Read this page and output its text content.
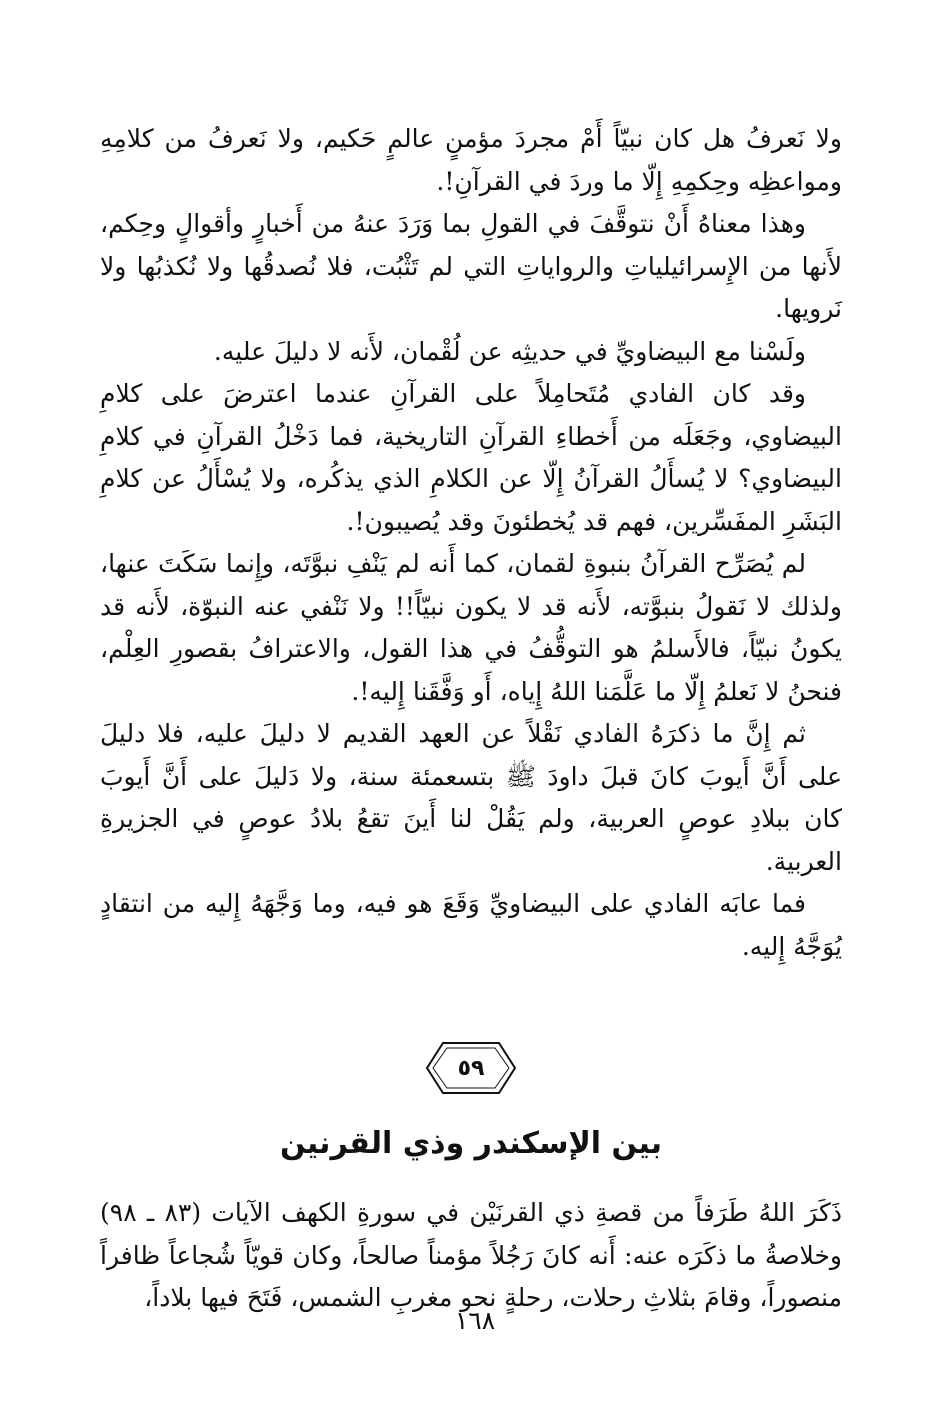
ولا نَعرفُ هل كان نبيّاً أَمْ مجردَ مؤمنٍ عالمٍ حَكيم، ولا نَعرفُ من كلامِهِ ومواعظِه وحِكمِهِ إِلّا ما وردَ في القرآنِ!.

وهذا معناهُ أَنْ نتوقَّفَ في القولِ بما وَرَدَ عنهُ من أَخبارٍ وأقوالٍ وحِكم، لأَنها من الإِسرائيلياتِ والرواياتِ التي لم تَثْبُت، فلا نُصدقُها ولا نُكذبُها ولا نَرويها.

ولَسْنا مع البيضاويِّ في حديثِه عن لُقْمان، لأَنه لا دليلَ عليه.

وقد كان الفادي مُتَحامِلاً على القرآنِ عندما اعترضَ على كلامِ البيضاوي، وجَعَلَه من أَخطاءِ القرآنِ التاريخية، فما دَخْلُ القرآنِ في كلامِ البيضاوي؟ لا يُسأَلُ القرآنُ إِلّا عن الكلامِ الذي يذكُره، ولا يُسْأَلُ عن كلامِ البَشَرِ المفَسِّرين، فهم قد يُخطئونَ وقد يُصيبون!.

لم يُصَرِّح القرآنُ بنبوةِ لقمان، كما أَنه لم يَنْفِ نبوَّتَه، وإِنما سَكَتَ عنها، ولذلك لا نَقولُ بنبوَّته، لأَنه قد لا يكون نبيّاً!! ولا نَنْفي عنه النبوّة، لأَنه قد يكونُ نبيّاً، فالأَسلمُ هو التوقُّفُ في هذا القول، والاعترافُ بقصورِ العِلْم، فنحنُ لا نَعلمُ إِلّا ما عَلَّمَنا اللهُ إِياه، أَو وَفَّقَنا إِليه!.

ثم إِنَّ ما ذكرَهُ الفادي نَقْلاً عن العهد القديم لا دليلَ عليه، فلا دليلَ على أَنَّ أَيوبَ كانَ قبلَ داودَ ﷺ بتسعمئة سنة، ولا دَليلَ على أَنَّ أَيوبَ كان ببلادِ عوصٍ العربية، ولم يَقُلْ لنا أَينَ تقعُ بلادُ عوصٍ في الجزيرةِ العربية.

فما عابَه الفادي على البيضاويِّ وَقَعَ هو فيه، وما وَجَّهَهُ إِليه من انتقادٍ يُوَجَّهُ إِليه.

٥٩
بين الإسكندر وذي القرنين

ذَكَرَ اللهُ طَرَفاً من قصةِ ذي القرنَيْن في سورةِ الكهف الآيات (٨٣ ـ ٩٨) وخلاصةُ ما ذكَرَه عنه: أَنه كانَ رَجُلاً مؤمناً صالحاً، وكان قويّاً شُجاعاً ظافراً منصوراً، وقامَ بثلاثِ رحلات، رحلةٍ نحو مغربِ الشمس، فَتَحَ فيها بلاداً،

١٦٨
